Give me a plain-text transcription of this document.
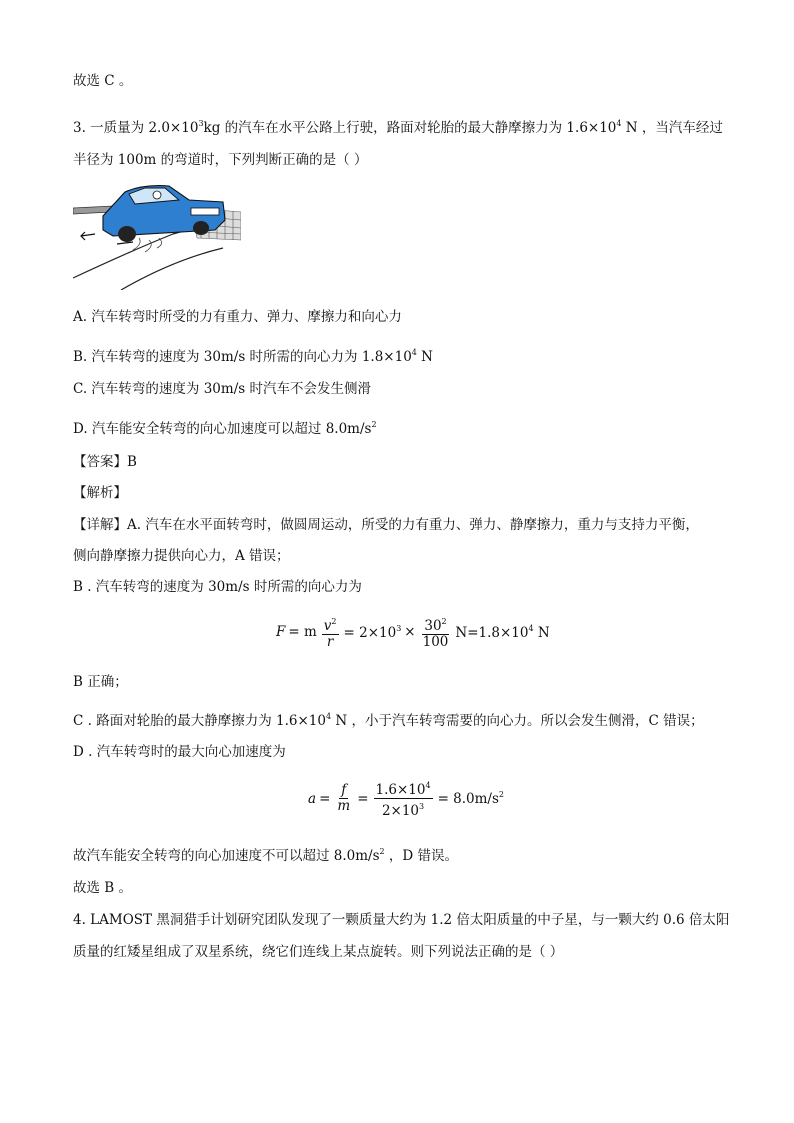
故选 C 。
3. 一质量为 $2.0\times 10^3kg$ 的汽车在水平公路上行驶，路面对轮胎的最大静摩擦力为 $1.6\times 10^4$ N ，当汽车经过
半径为 100m 的弯道时，下列判断正确的是（ ）
A. 汽车转弯时所受的力有重力、弹力、摩擦力和向心力
B. 汽车转弯的速度为 30m/s 时所需的向心力为 $1.8\times 10^4$ N
C. 汽车转弯的速度为 30m/s 时汽车不会发生侧滑
D. 汽车能安全转弯的向心加速度可以超过 $8.0m/s^2$
【答案】B
【解析】
【详解】A. 汽车在水平面转弯时，做圆周运动，所受的力有重力、弹力、静摩擦力，重力与支持力平衡，
侧向静摩擦力提供向心力，A 错误；
B . 汽车转弯的速度为 30m/s 时所需的向心力为
F = m $\frac{v^2}{r} = 2\times 10^3 \times \frac{30^2}{100} N=1.8\times 10^4$ N
B 正确；
C . 路面对轮胎的最大静摩擦力为 $1.6\times 10^4$ N ，小于汽车转弯需要的向心力。所以会发生侧滑，C 错误；
D . 汽车转弯时的最大向心加速度为
$a = \frac{f}{m} = \frac{1.6\times 10^4}{2\times 10^3} = 8.0m/s^2$
故汽车能安全转弯的向心加速度不可以超过 $8.0m/s^2$ ，D 错误。
故选 B 。
4. LAMOST 黑洞猎手计划研究团队发现了一颗质量大约为 1.2 倍太阳质量的中子星，与一颗大约 0.6 倍太阳
质量的红矮星组成了双星系统，绕它们连线上某点旋转。则下列说法正确的是（ ）
